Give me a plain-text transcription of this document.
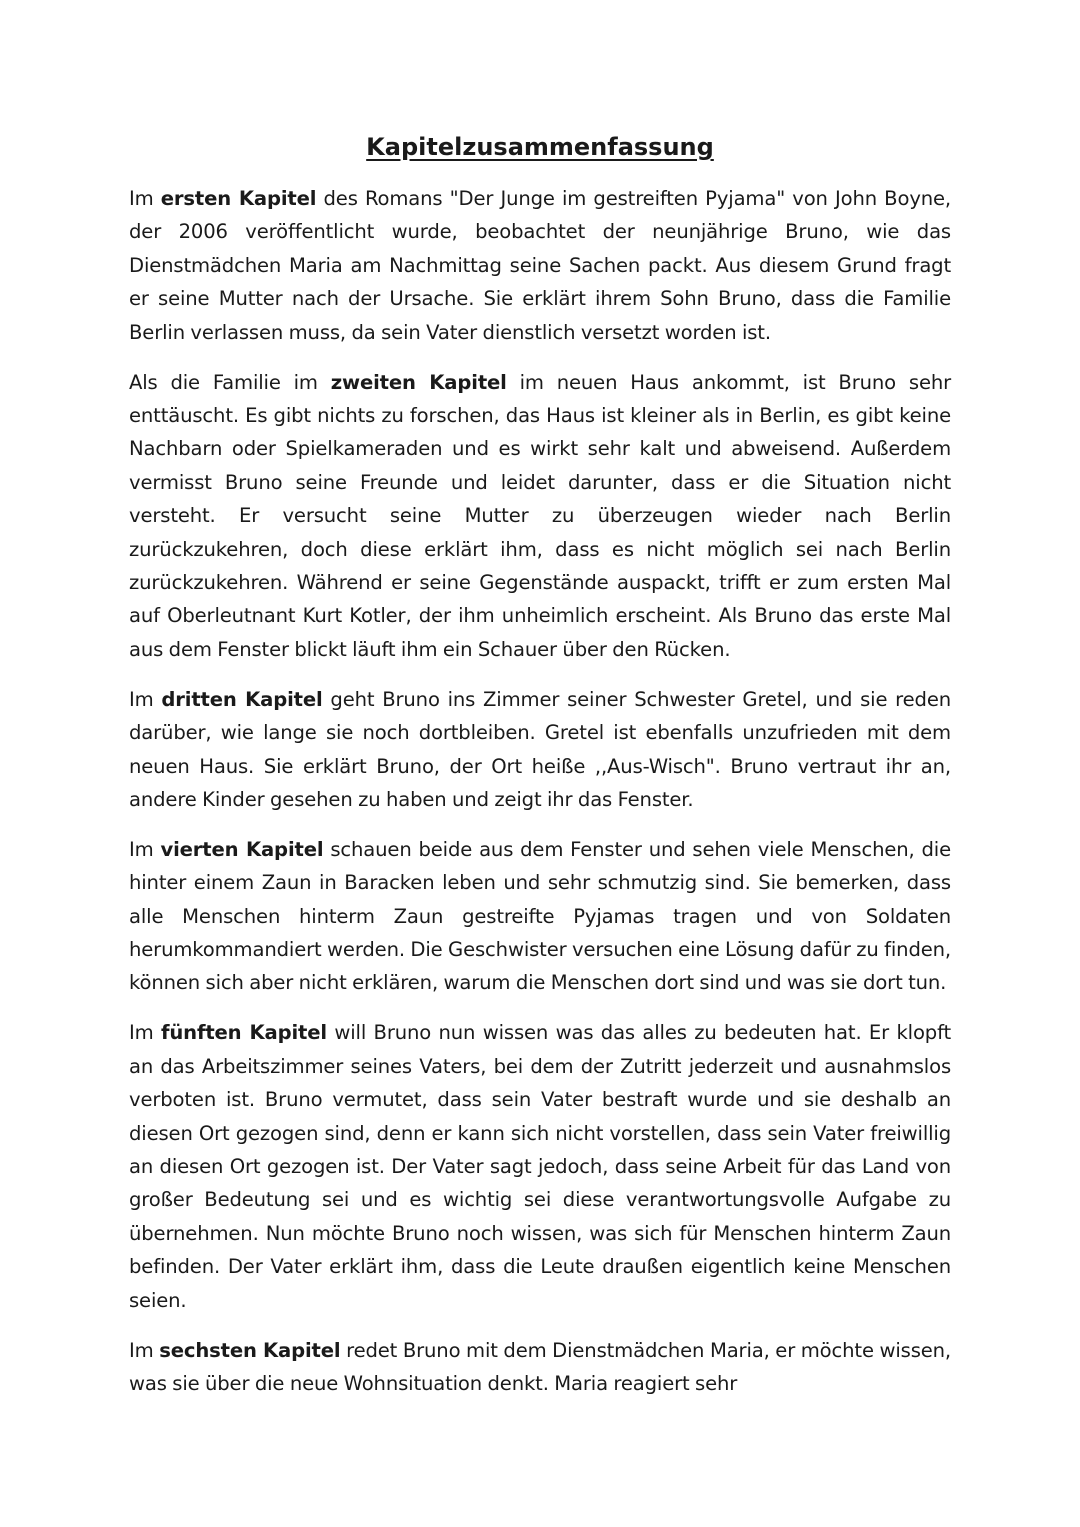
Kapitelzusammenfassung

Im ersten Kapitel des Romans "Der Junge im gestreiften Pyjama" von John Boyne, der 2006 veröffentlicht wurde, beobachtet der neunjährige Bruno, wie das Dienstmädchen Maria am Nachmittag seine Sachen packt. Aus diesem Grund fragt er seine Mutter nach der Ursache. Sie erklärt ihrem Sohn Bruno, dass die Familie Berlin verlassen muss, da sein Vater dienstlich versetzt worden ist.

Als die Familie im zweiten Kapitel im neuen Haus ankommt, ist Bruno sehr enttäuscht. Es gibt nichts zu forschen, das Haus ist kleiner als in Berlin, es gibt keine Nachbarn oder Spielkameraden und es wirkt sehr kalt und abweisend. Außerdem vermisst Bruno seine Freunde und leidet darunter, dass er die Situation nicht versteht. Er versucht seine Mutter zu überzeugen wieder nach Berlin zurückzukehren, doch diese erklärt ihm, dass es nicht möglich sei nach Berlin zurückzukehren. Während er seine Gegenstände auspackt, trifft er zum ersten Mal auf Oberleutnant Kurt Kotler, der ihm unheimlich erscheint. Als Bruno das erste Mal aus dem Fenster blickt läuft ihm ein Schauer über den Rücken.

Im dritten Kapitel geht Bruno ins Zimmer seiner Schwester Gretel, und sie reden darüber, wie lange sie noch dortbleiben. Gretel ist ebenfalls unzufrieden mit dem neuen Haus. Sie erklärt Bruno, der Ort heiße ,,Aus-Wisch". Bruno vertraut ihr an, andere Kinder gesehen zu haben und zeigt ihr das Fenster.

Im vierten Kapitel schauen beide aus dem Fenster und sehen viele Menschen, die hinter einem Zaun in Baracken leben und sehr schmutzig sind. Sie bemerken, dass alle Menschen hinterm Zaun gestreifte Pyjamas tragen und von Soldaten herumkommandiert werden. Die Geschwister versuchen eine Lösung dafür zu finden, können sich aber nicht erklären, warum die Menschen dort sind und was sie dort tun.

Im fünften Kapitel will Bruno nun wissen was das alles zu bedeuten hat. Er klopft an das Arbeitszimmer seines Vaters, bei dem der Zutritt jederzeit und ausnahmslos verboten ist. Bruno vermutet, dass sein Vater bestraft wurde und sie deshalb an diesen Ort gezogen sind, denn er kann sich nicht vorstellen, dass sein Vater freiwillig an diesen Ort gezogen ist. Der Vater sagt jedoch, dass seine Arbeit für das Land von großer Bedeutung sei und es wichtig sei diese verantwortungsvolle Aufgabe zu übernehmen. Nun möchte Bruno noch wissen, was sich für Menschen hinterm Zaun befinden. Der Vater erklärt ihm, dass die Leute draußen eigentlich keine Menschen seien.

Im sechsten Kapitel redet Bruno mit dem Dienstmädchen Maria, er möchte wissen, was sie über die neue Wohnsituation denkt. Maria reagiert sehr
